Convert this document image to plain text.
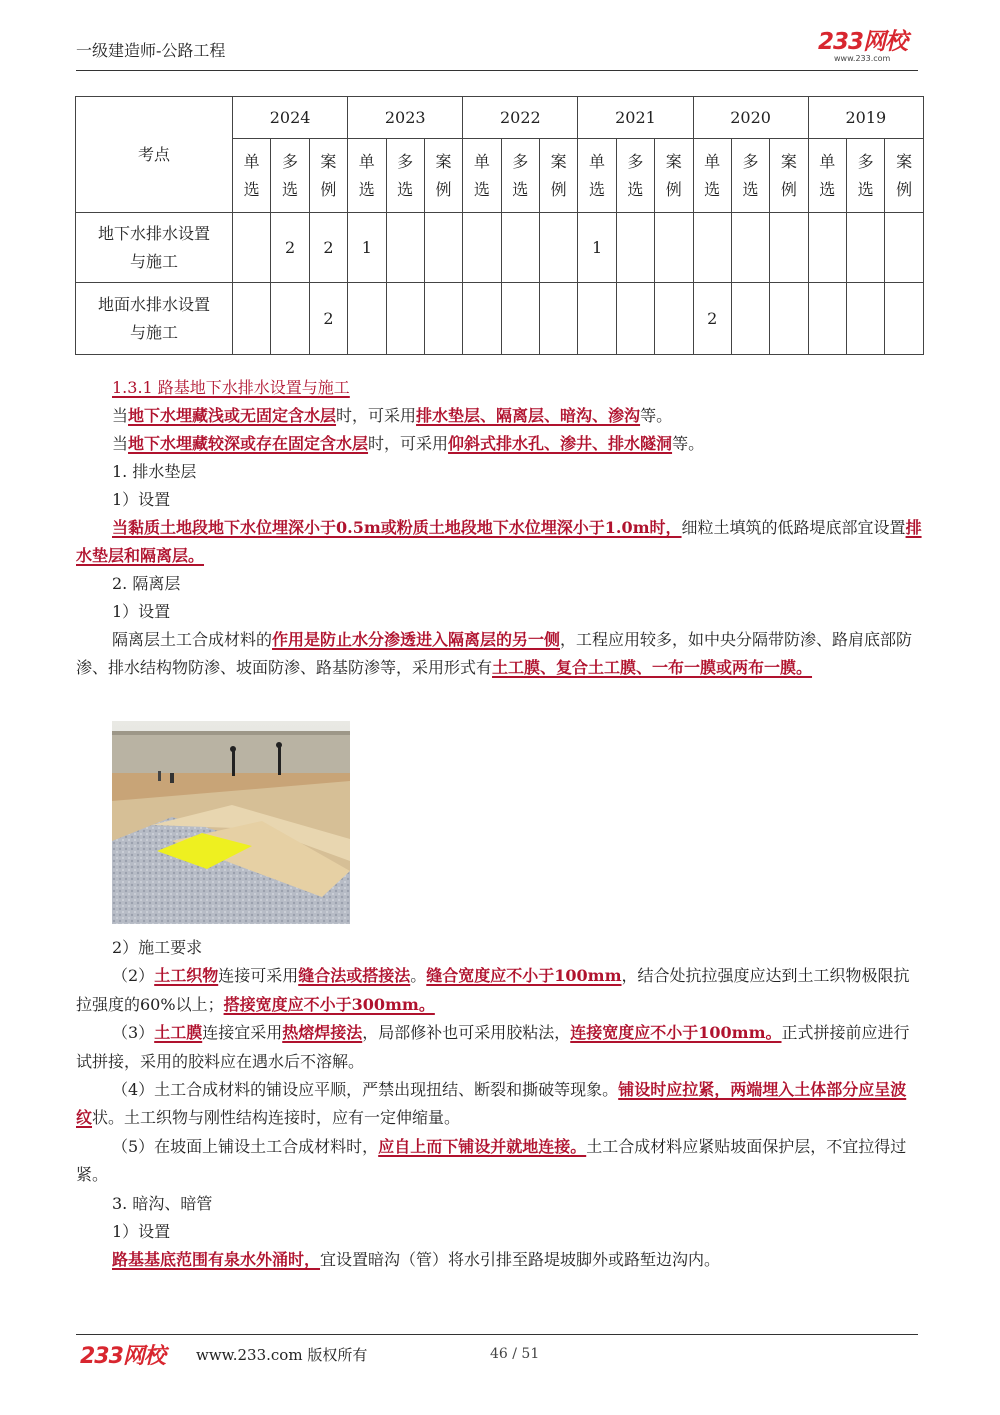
一级建造师-公路工程	233网校
www.233.com
考点	2024			2023			2022			2021			2020			2019		
	单选	多选	案例	单选	多选	案例	单选	多选	案例	单选	多选	案例	单选	多选	案例	单选	多选	案例

地下水排水设置
与施工		2	2	1						1								

地面水排水设置
与施工			2										2					

1.3.1 路基地下水排水设置与施工

当地下水埋藏浅或无固定含水层时，可采用排水垫层、隔离层、暗沟、渗沟等。

当地下水埋藏较深或存在固定含水层时，可采用仰斜式排水孔、渗井、排水隧洞等。

1. 排水垫层

1）设置

当黏质土地段地下水位埋深小于0.5m或粉质土地段地下水位埋深小于1.0m时，细粒土填筑的低路堤底部宜设置排水垫层和隔离层。

2. 隔离层

1）设置

隔离层土工合成材料的作用是防止水分渗透进入隔离层的另一侧，工程应用较多，如中央分隔带防渗、路肩底部防渗、排水结构物防渗、坡面防渗、路基防渗等，采用形式有土工膜、复合土工膜、一布一膜或两布一膜。

2）施工要求

（2）土工织物连接可采用缝合法或搭接法。缝合宽度应不小于100mm，结合处抗拉强度应达到土工织物极限抗拉强度的60%以上；搭接宽度应不小于300mm。

（3）土工膜连接宜采用热熔焊接法，局部修补也可采用胶粘法，连接宽度应不小于100mm。正式拼接前应进行试拼接，采用的胶料应在遇水后不溶解。

（4）土工合成材料的铺设应平顺，严禁出现扭结、断裂和撕破等现象。铺设时应拉紧，两端埋入土体部分应呈波纹状。土工织物与刚性结构连接时，应有一定伸缩量。

（5）在坡面上铺设土工合成材料时，应自上而下铺设并就地连接。土工合成材料应紧贴坡面保护层，不宜拉得过紧。

3. 暗沟、暗管

1）设置

路基基底范围有泉水外涌时，宜设置暗沟（管）将水引排至路堤坡脚外或路堑边沟内。

233网校 www.233.com 版权所有	46 / 51
